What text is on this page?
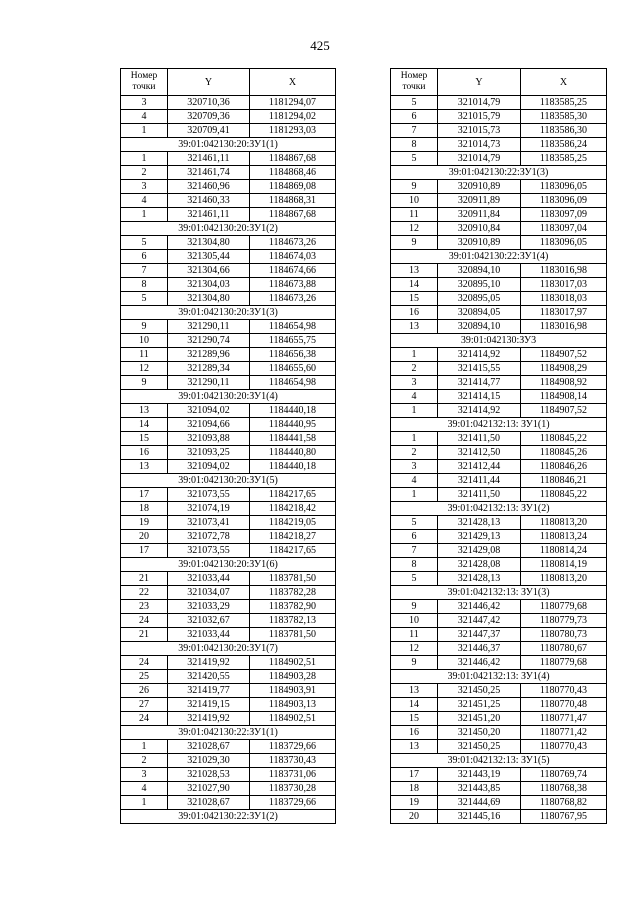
425
Номер
точки	Y	X
3	320710,36	1181294,07
4	320709,36	1181294,02
1	320709,41	1181293,03
39:01:042130:20:ЗУ1(1)		
1	321461,11	1184867,68
2	321461,74	1184868,46
3	321460,96	1184869,08
4	321460,33	1184868,31
1	321461,11	1184867,68
39:01:042130:20:ЗУ1(2)		
5	321304,80	1184673,26
6	321305,44	1184674,03
7	321304,66	1184674,66
8	321304,03	1184673,88
5	321304,80	1184673,26
39:01:042130:20:ЗУ1(3)		
9	321290,11	1184654,98
10	321290,74	1184655,75
11	321289,96	1184656,38
12	321289,34	1184655,60
9	321290,11	1184654,98
39:01:042130:20:ЗУ1(4)		
13	321094,02	1184440,18
14	321094,66	1184440,95
15	321093,88	1184441,58
16	321093,25	1184440,80
13	321094,02	1184440,18
39:01:042130:20:ЗУ1(5)		
17	321073,55	1184217,65
18	321074,19	1184218,42
19	321073,41	1184219,05
20	321072,78	1184218,27
17	321073,55	1184217,65
39:01:042130:20:ЗУ1(6)		
21	321033,44	1183781,50
22	321034,07	1183782,28
23	321033,29	1183782,90
24	321032,67	1183782,13
21	321033,44	1183781,50
39:01:042130:20:ЗУ1(7)		
24	321419,92	1184902,51
25	321420,55	1184903,28
26	321419,77	1184903,91
27	321419,15	1184903,13
24	321419,92	1184902,51
39:01:042130:22:ЗУ1(1)		
1	321028,67	1183729,66
2	321029,30	1183730,43
3	321028,53	1183731,06
4	321027,90	1183730,28
1	321028,67	1183729,66
39:01:042130:22:ЗУ1(2)		
Номер
точки	Y	X
5	321014,79	1183585,25
6	321015,79	1183585,30
7	321015,73	1183586,30
8	321014,73	1183586,24
5	321014,79	1183585,25
39:01:042130:22:ЗУ1(3)		
9	320910,89	1183096,05
10	320911,89	1183096,09
11	320911,84	1183097,09
12	320910,84	1183097,04
9	320910,89	1183096,05
39:01:042130:22:ЗУ1(4)		
13	320894,10	1183016,98
14	320895,10	1183017,03
15	320895,05	1183018,03
16	320894,05	1183017,97
13	320894,10	1183016,98
39:01:042130:ЗУ3		
1	321414,92	1184907,52
2	321415,55	1184908,29
3	321414,77	1184908,92
4	321414,15	1184908,14
1	321414,92	1184907,52
39:01:042132:13: ЗУ1(1)		
1	321411,50	1180845,22
2	321412,50	1180845,26
3	321412,44	1180846,26
4	321411,44	1180846,21
1	321411,50	1180845,22
39:01:042132:13: ЗУ1(2)		
5	321428,13	1180813,20
6	321429,13	1180813,24
7	321429,08	1180814,24
8	321428,08	1180814,19
5	321428,13	1180813,20
39:01:042132:13: ЗУ1(3)		
9	321446,42	1180779,68
10	321447,42	1180779,73
11	321447,37	1180780,73
12	321446,37	1180780,67
9	321446,42	1180779,68
39:01:042132:13: ЗУ1(4)		
13	321450,25	1180770,43
14	321451,25	1180770,48
15	321451,20	1180771,47
16	321450,20	1180771,42
13	321450,25	1180770,43
39:01:042132:13: ЗУ1(5)		
17	321443,19	1180769,74
18	321443,85	1180768,38
19	321444,69	1180768,82
20	321445,16	1180767,95
